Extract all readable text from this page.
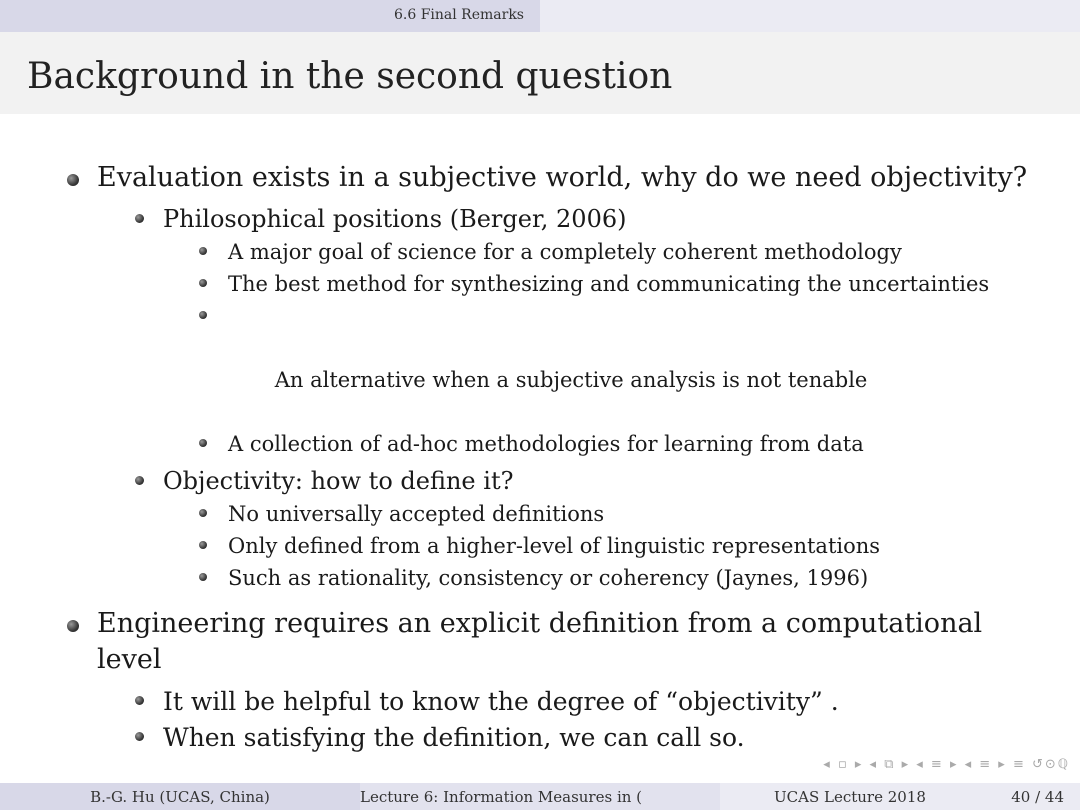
6.6 Final Remarks
Background in the second question
Evaluation exists in a subjective world, why do we need objectivity?
Philosophical positions (Berger, 2006)
A major goal of science for a completely coherent methodology
The best method for synthesizing and communicating the uncertainties

An alternative when a subjective analysis is not tenable

A collection of ad-hoc methodologies for learning from data
Objectivity: how to define it?
No universally accepted definitions
Only defined from a higher-level of linguistic representations
Such as rationality, consistency or coherency (Jaynes, 1996)
Engineering requires an explicit definition from a computational level
It will be helpful to know the degree of “objectivity” .
When satisfying the definition, we can call so.
◂ ▫ ▸ ◂ ⧉ ▸ ◂ ≡ ▸ ◂ ≡ ▸ ≡ ↺⊙ℚ
B.-G. Hu (UCAS, China)	Lecture 6: Information Measures in (	UCAS Lecture 2018	40 / 44
